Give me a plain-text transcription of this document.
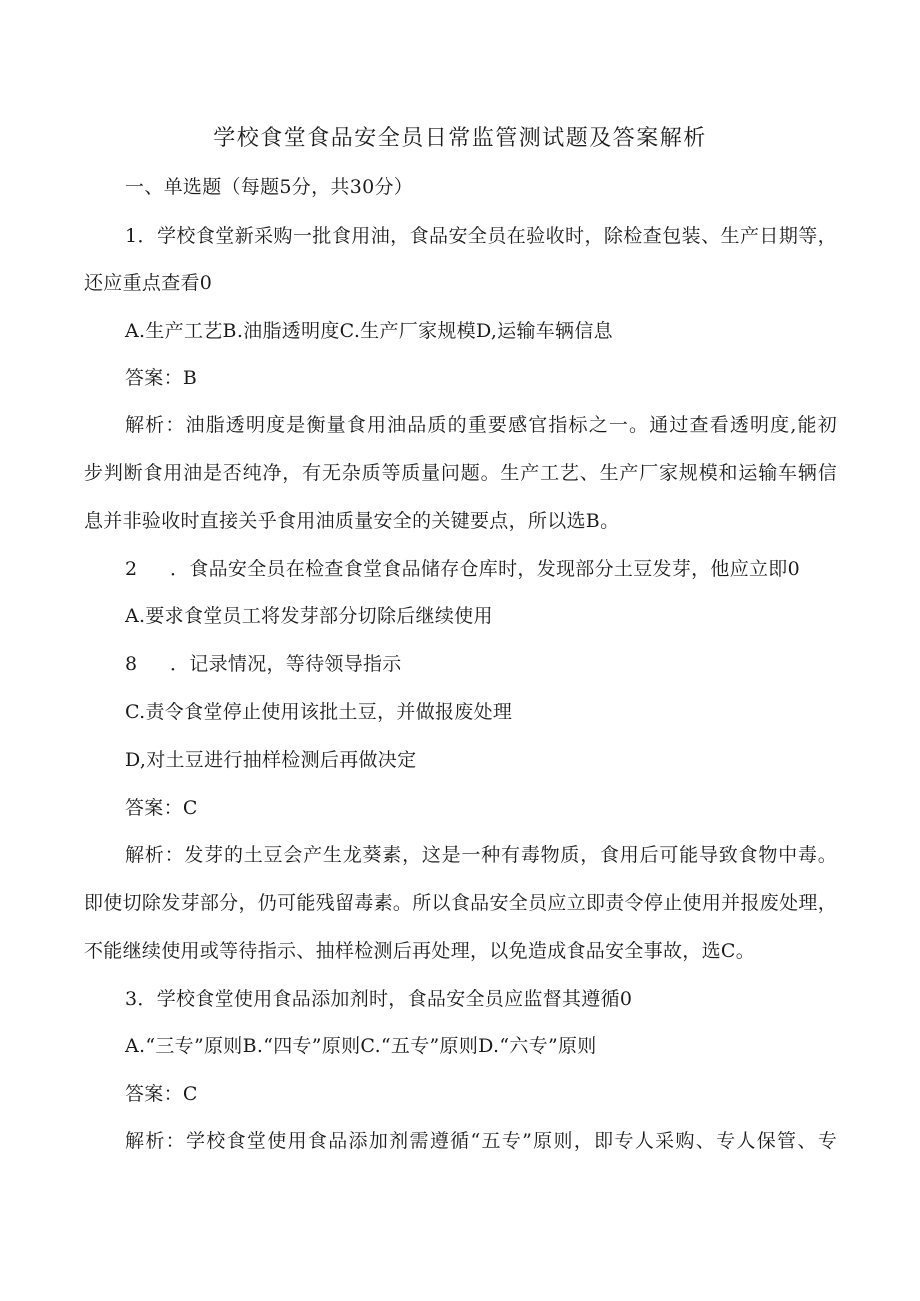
学校食堂食品安全员日常监管测试题及答案解析
一、单选题（每题5分，共30分）
1．学校食堂新采购一批食用油，食品安全员在验收时，除检查包装、生产日期等，
还应重点查看0
A.生产工艺B.油脂透明度C.生产厂家规模D,运输车辆信息
答案：B
解析：油脂透明度是衡量食用油品质的重要感官指标之一。通过查看透明度,能初
步判断食用油是否纯净，有无杂质等质量问题。生产工艺、生产厂家规模和运输车辆信
息并非验收时直接关乎食用油质量安全的关键要点，所以选B。
2 ．食品安全员在检查食堂食品储存仓库时，发现部分土豆发芽，他应立即0
A.要求食堂员工将发芽部分切除后继续使用
8 ．记录情况，等待领导指示
C.责令食堂停止使用该批土豆，并做报废处理
D,对土豆进行抽样检测后再做决定
答案：C
解析：发芽的土豆会产生龙葵素，这是一种有毒物质，食用后可能导致食物中毒。
即使切除发芽部分，仍可能残留毒素。所以食品安全员应立即责令停止使用并报废处理，
不能继续使用或等待指示、抽样检测后再处理，以免造成食品安全事故，选C。
3．学校食堂使用食品添加剂时，食品安全员应监督其遵循0
A.“三专”原则B.“四专”原则C.“五专”原则D.“六专”原则
答案：C
解析：学校食堂使用食品添加剂需遵循“五专”原则，即专人采购、专人保管、专
